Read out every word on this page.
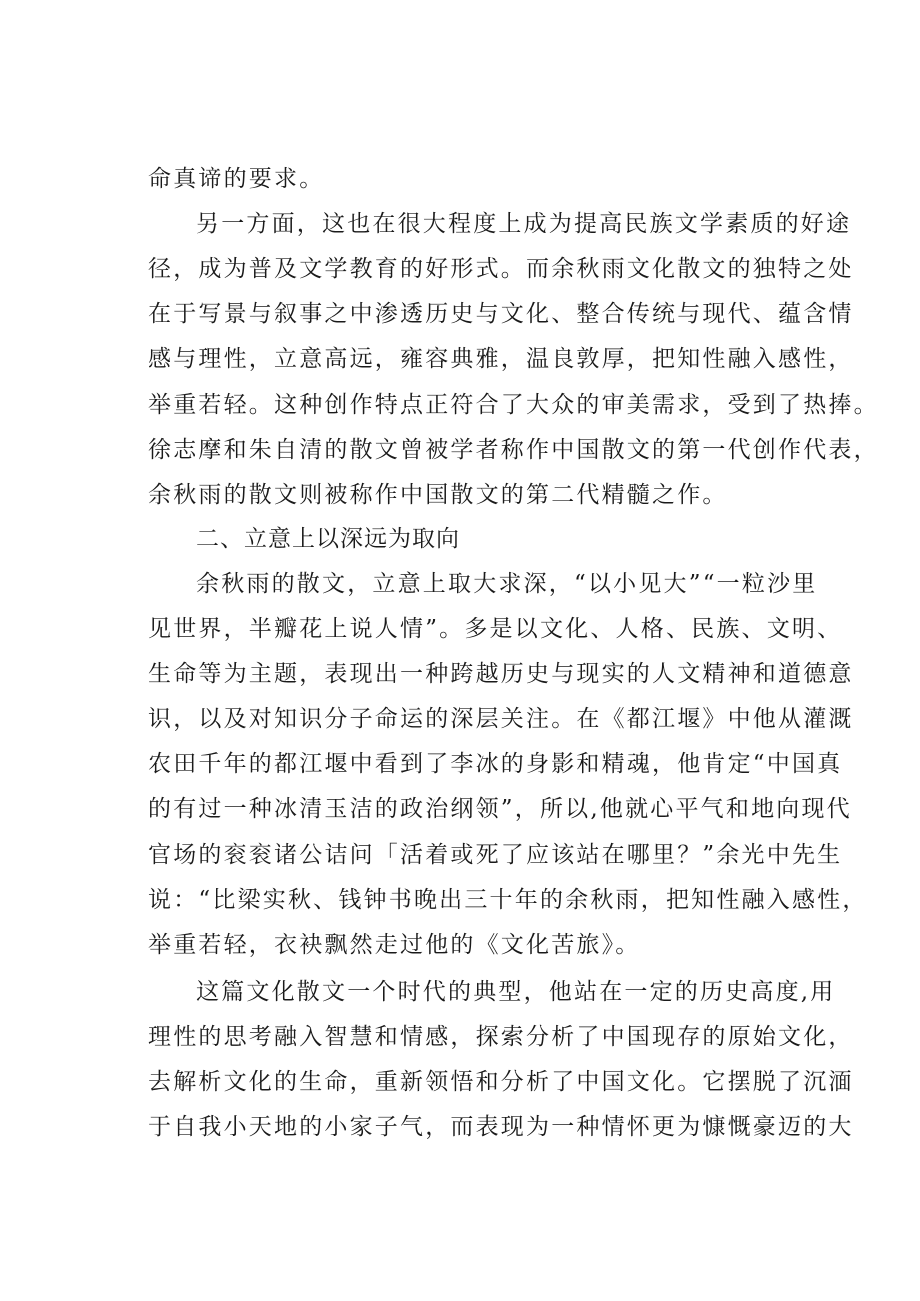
命真谛的要求。
另一方面，这也在很大程度上成为提高民族文学素质的好途
径，成为普及文学教育的好形式。而余秋雨文化散文的独特之处
在于写景与叙事之中渗透历史与文化、整合传统与现代、蕴含情
感与理性，立意高远，雍容典雅，温良敦厚，把知性融入感性，
举重若轻。这种创作特点正符合了大众的审美需求，受到了热捧。
徐志摩和朱自清的散文曾被学者称作中国散文的第一代创作代表，
余秋雨的散文则被称作中国散文的第二代精髓之作。
二、立意上以深远为取向
余秋雨的散文，立意上取大求深，“以小见大”“一粒沙里
见世界，半瓣花上说人情”。多是以文化、人格、民族、文明、
生命等为主题，表现出一种跨越历史与现实的人文精神和道德意
识，以及对知识分子命运的深层关注。在《都江堰》中他从灌溉
农田千年的都江堰中看到了李冰的身影和精魂，他肯定“中国真
的有过一种冰清玉洁的政治纲领”，所以,他就心平气和地向现代
官场的衮衮诸公诘问「活着或死了应该站在哪里？”余光中先生
说：“比梁实秋、钱钟书晚出三十年的余秋雨，把知性融入感性，
举重若轻，衣袂飘然走过他的《文化苦旅》。
这篇文化散文一个时代的典型，他站在一定的历史高度,用
理性的思考融入智慧和情感，探索分析了中国现存的原始文化，
去解析文化的生命，重新领悟和分析了中国文化。它摆脱了沉湎
于自我小天地的小家子气，而表现为一种情怀更为慷慨豪迈的大
